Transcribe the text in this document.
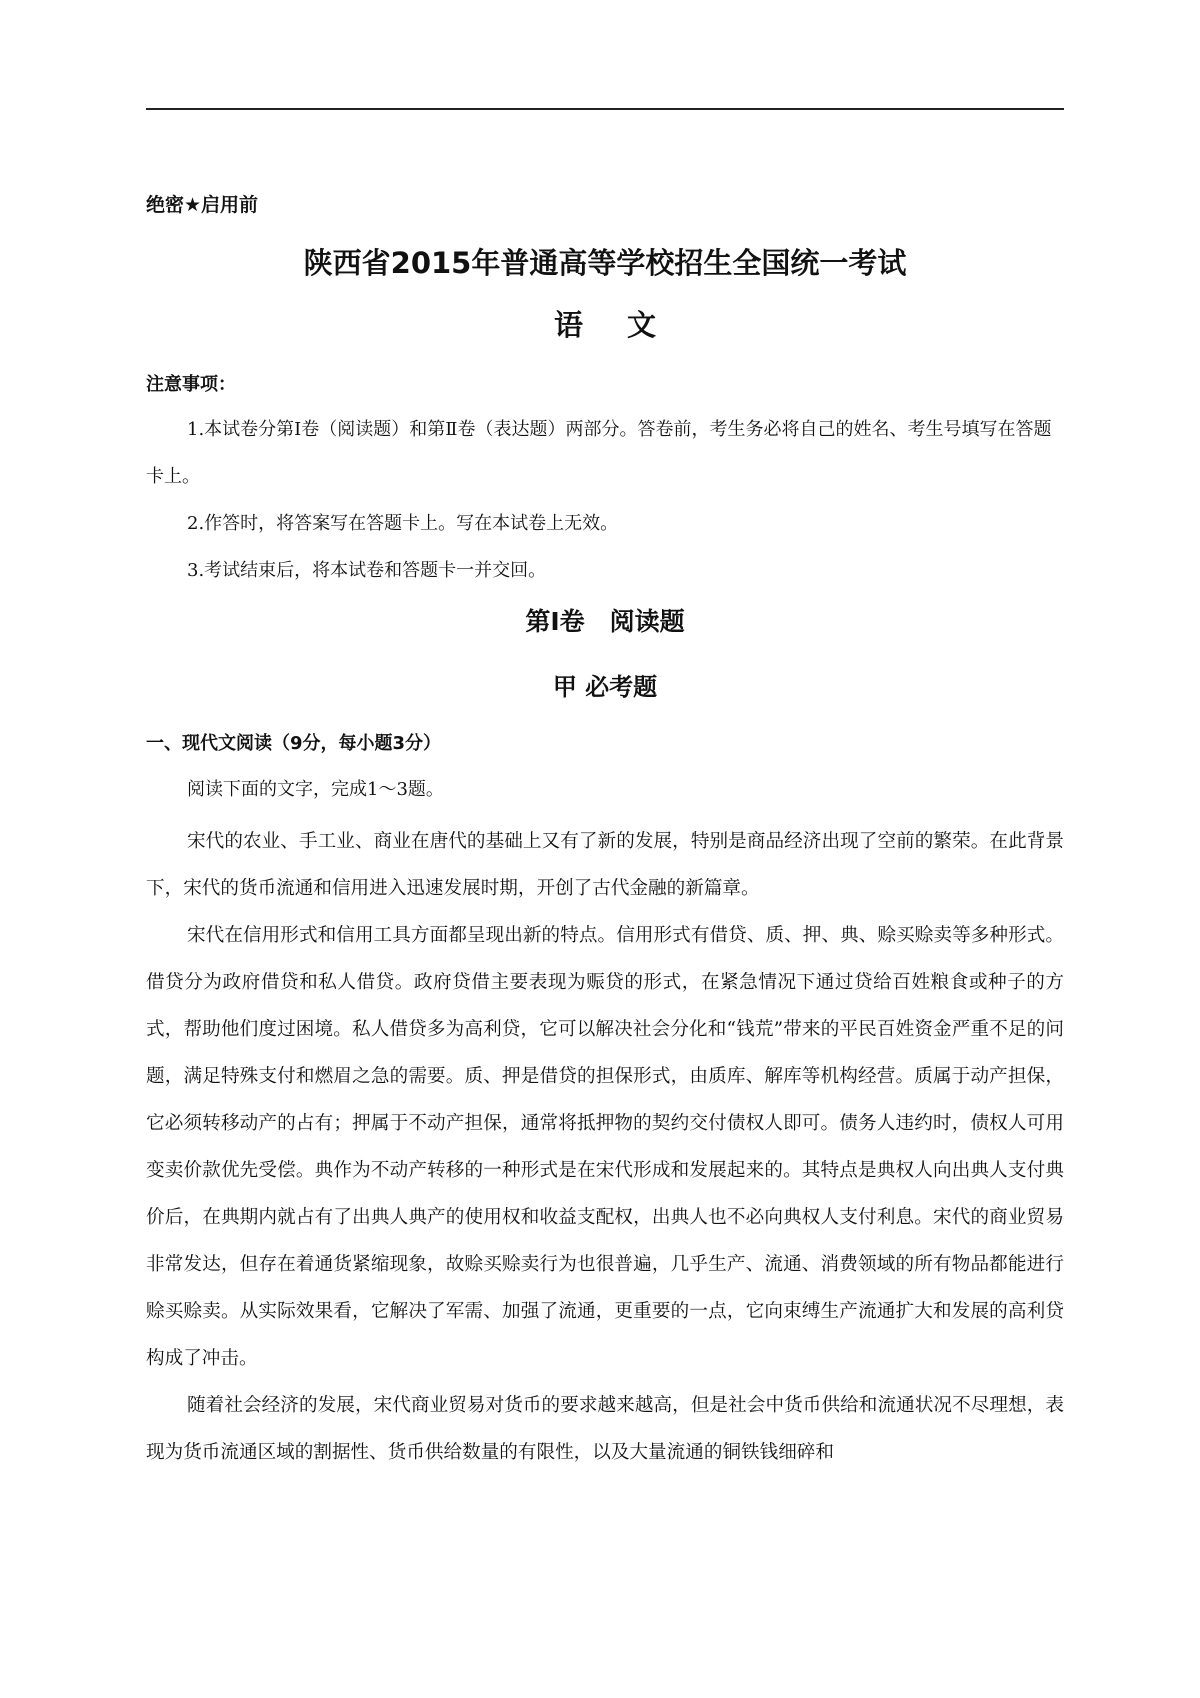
绝密★启用前
陕西省2015年普通高等学校招生全国统一考试
语文
注意事项：

1.本试卷分第Ⅰ卷（阅读题）和第Ⅱ卷（表达题）两部分。答卷前，考生务必将自己的姓名、考生号填写在答题卡上。

2.作答时，将答案写在答题卡上。写在本试卷上无效。

3.考试结束后，将本试卷和答题卡一并交回。

第Ⅰ卷　阅读题
甲 必考题
一、现代文阅读（9分，每小题3分）
阅读下面的文字，完成1～3题。

宋代的农业、手工业、商业在唐代的基础上又有了新的发展，特别是商品经济出现了空前的繁荣。在此背景下，宋代的货币流通和信用进入迅速发展时期，开创了古代金融的新篇章。

宋代在信用形式和信用工具方面都呈现出新的特点。信用形式有借贷、质、押、典、赊买赊卖等多种形式。借贷分为政府借贷和私人借贷。政府贷借主要表现为赈贷的形式，在紧急情况下通过贷给百姓粮食或种子的方式，帮助他们度过困境。私人借贷多为高利贷，它可以解决社会分化和“钱荒”带来的平民百姓资金严重不足的问题，满足特殊支付和燃眉之急的需要。质、押是借贷的担保形式，由质库、解库等机构经营。质属于动产担保，它必须转移动产的占有；押属于不动产担保，通常将抵押物的契约交付债权人即可。债务人违约时，债权人可用变卖价款优先受偿。典作为不动产转移的一种形式是在宋代形成和发展起来的。其特点是典权人向出典人支付典价后，在典期内就占有了出典人典产的使用权和收益支配权，出典人也不必向典权人支付利息。宋代的商业贸易非常发达，但存在着通货紧缩现象，故赊买赊卖行为也很普遍，几乎生产、流通、消费领域的所有物品都能进行赊买赊卖。从实际效果看，它解决了军需、加强了流通，更重要的一点，它向束缚生产流通扩大和发展的高利贷构成了冲击。

随着社会经济的发展，宋代商业贸易对货币的要求越来越高，但是社会中货币供给和流通状况不尽理想，表现为货币流通区域的割据性、货币供给数量的有限性，以及大量流通的铜铁钱细碎和
